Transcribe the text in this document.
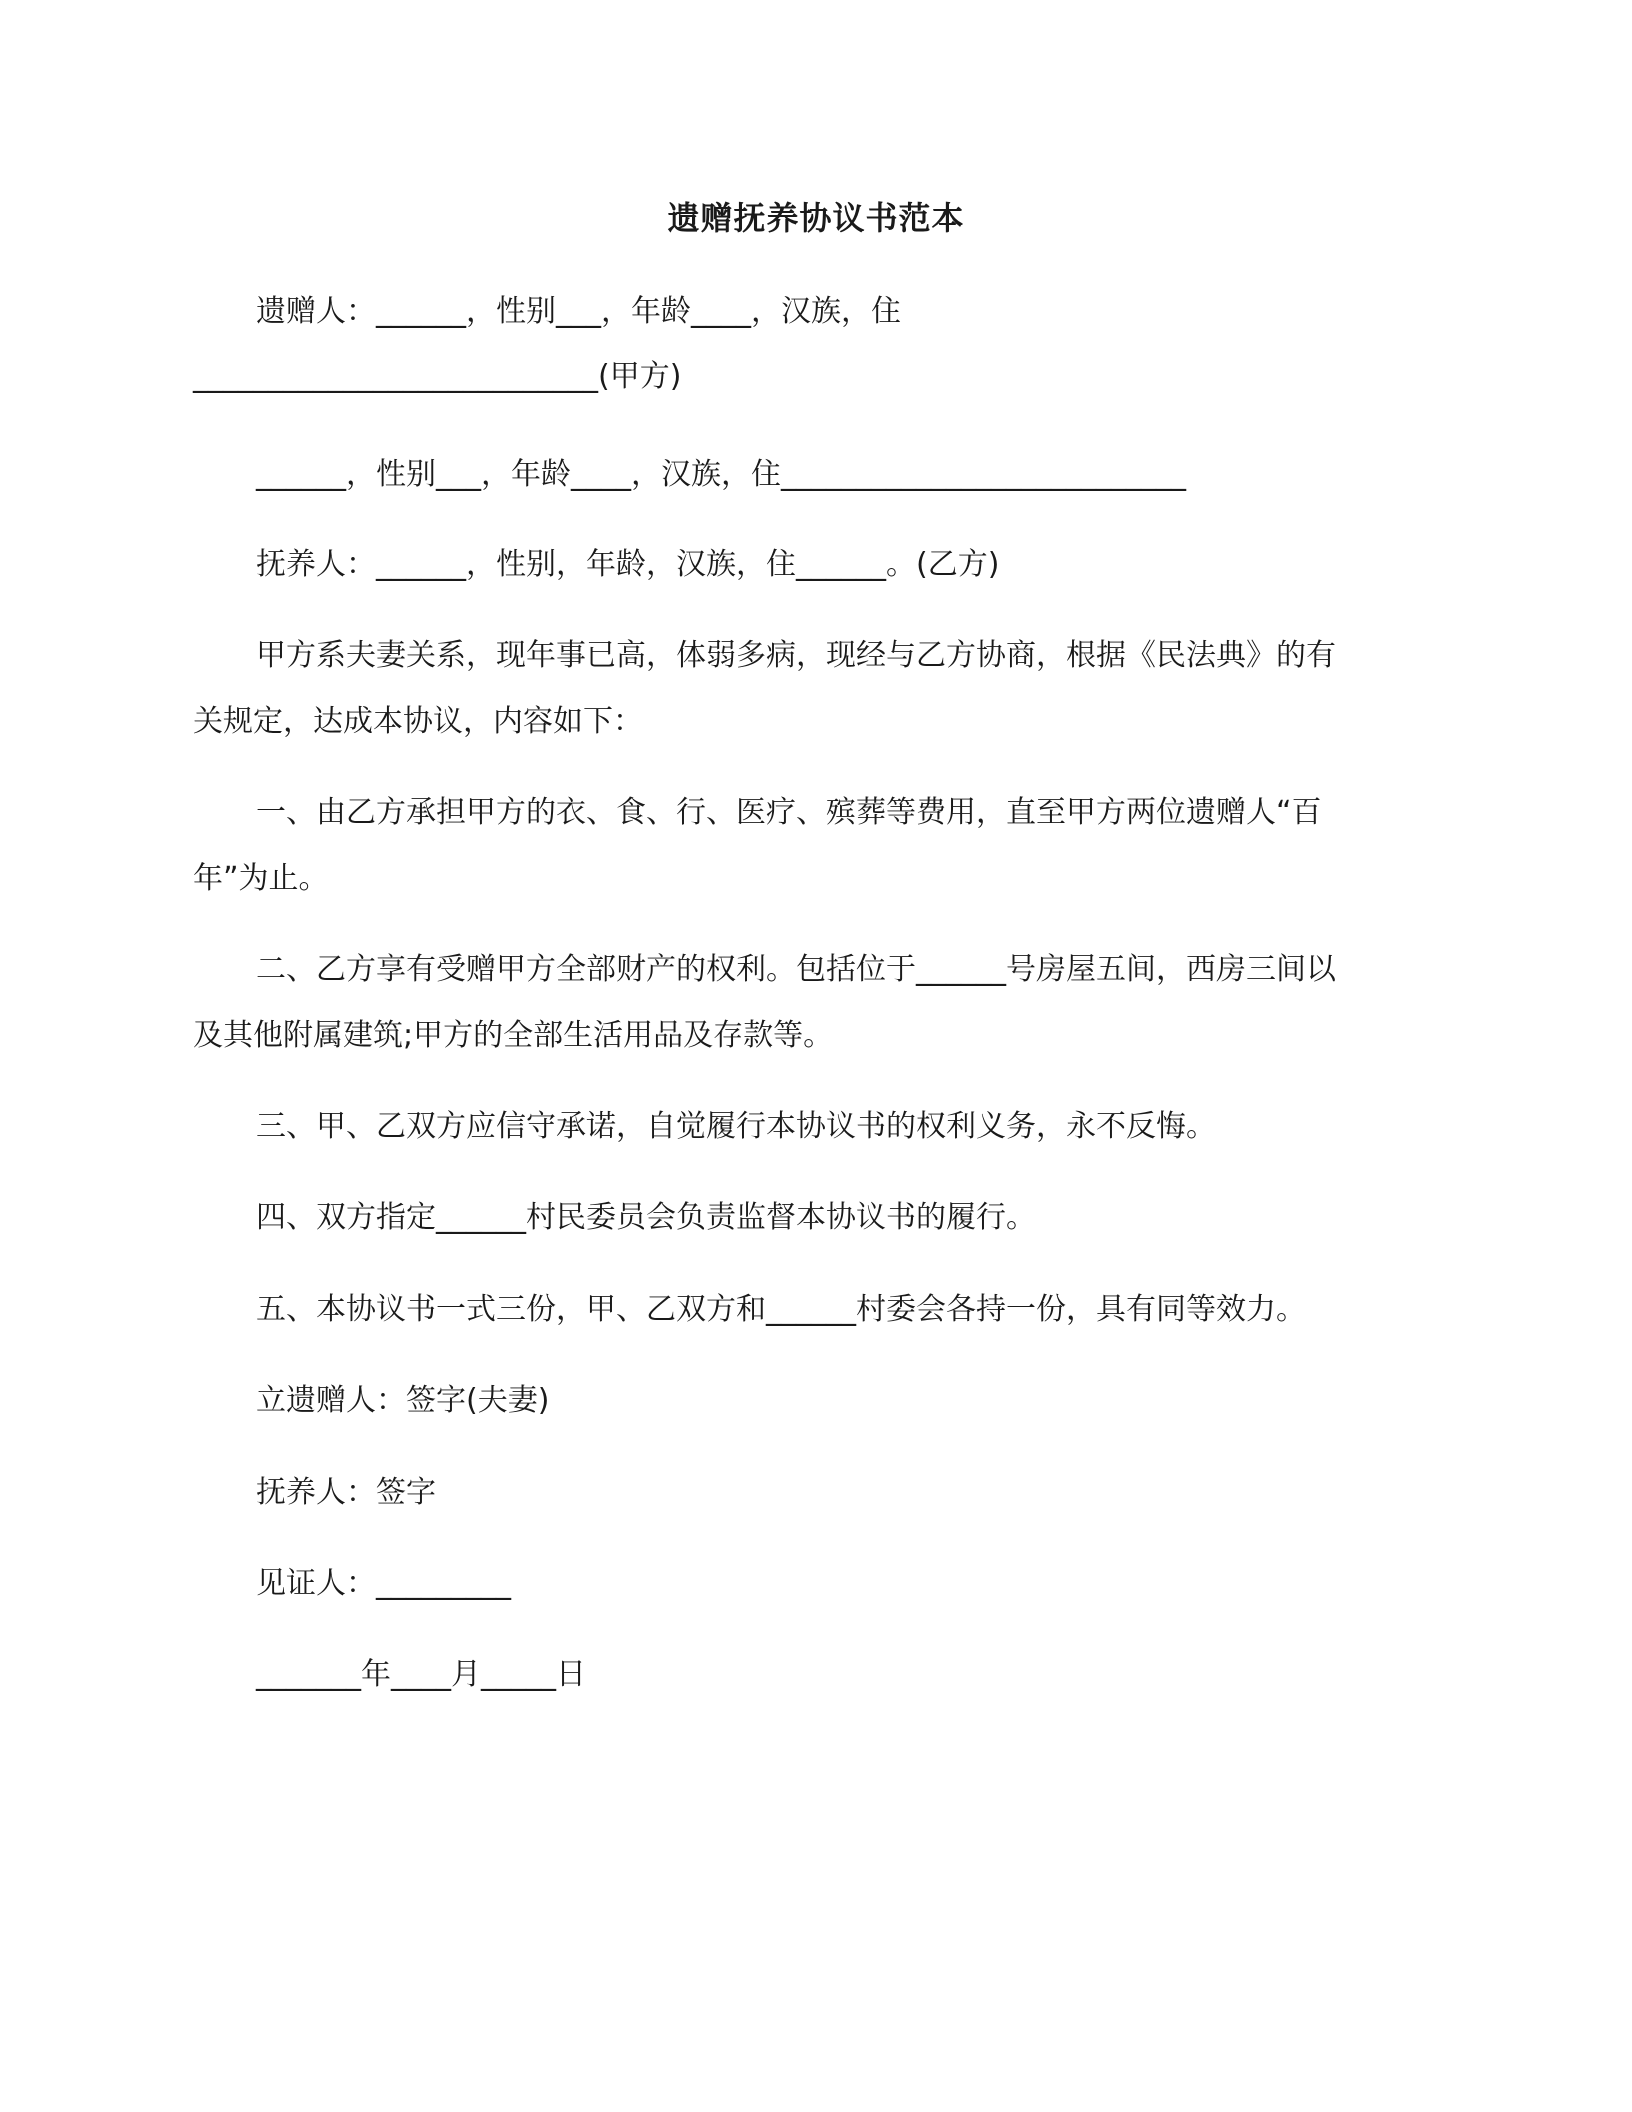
遗赠抚养协议书范本
遗赠人：______，性别___，年龄____，汉族，住
___________________________(甲方)
______，性别___，年龄____，汉族，住___________________________
抚养人：______，性别，年龄，汉族，住______。(乙方)
甲方系夫妻关系，现年事已高，体弱多病，现经与乙方协商，根据《民法典》的有
关规定，达成本协议，内容如下：
一、由乙方承担甲方的衣、食、行、医疗、殡葬等费用，直至甲方两位遗赠人“百
年”为止。
二、乙方享有受赠甲方全部财产的权利。包括位于______号房屋五间，西房三间以
及其他附属建筑;甲方的全部生活用品及存款等。
三、甲、乙双方应信守承诺，自觉履行本协议书的权利义务，永不反悔。
四、双方指定______村民委员会负责监督本协议书的履行。
五、本协议书一式三份，甲、乙双方和______村委会各持一份，具有同等效力。
立遗赠人：签字(夫妻)
抚养人：签字
见证人：_________
_______年____月_____日
